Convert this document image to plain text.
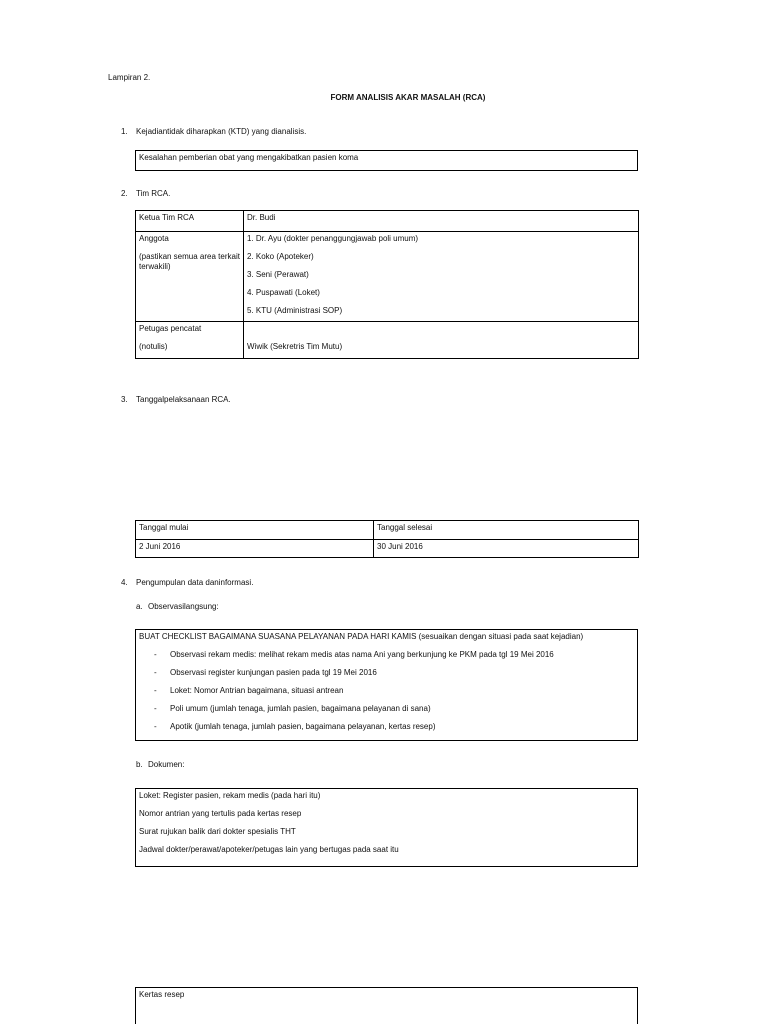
Lampiran 2.
FORM ANALISIS AKAR MASALAH (RCA)
1. Kejadiantidak diharapkan (KTD) yang dianalisis.
Kesalahan pemberian obat yang mengakibatkan pasien koma
2. Tim RCA.
Ketua Tim RCA	Dr. Budi

Anggota
(pastikan semua area terkait terwakili)	1. Dr. Ayu (dokter penanggungjawab poli umum)
2. Koko (Apoteker)
3. Seni (Perawat)
4. Puspawati (Loket)
5. KTU (Administrasi SOP)

Petugas pencatat
(notulis)	Wiwik (Sekretris Tim Mutu)
3. Tanggalpelaksanaan RCA.
Tanggal mulai	Tanggal selesai
2 Juni 2016	30 Juni 2016
4. Pengumpulan data daninformasi.
a. Observasilangsung:
BUAT CHECKLIST BAGAIMANA SUASANA PELAYANAN PADA HARI KAMIS (sesuaikan dengan situasi pada saat kejadian)
- Observasi rekam medis: melihat rekam medis atas nama Ani yang berkunjung ke PKM pada tgl 19 Mei 2016
- Observasi register kunjungan pasien pada tgl 19 Mei 2016
- Loket: Nomor Antrian bagaimana, situasi antrean
- Poli umum (jumlah tenaga, jumlah pasien, bagaimana pelayanan di sana)
- Apotik (jumlah tenaga, jumlah pasien, bagaimana pelayanan, kertas resep)
b. Dokumen:
Loket: Register pasien, rekam medis (pada hari itu)
Nomor antrian yang tertulis pada kertas resep
Surat rujukan balik dari dokter spesialis THT
Jadwal dokter/perawat/apoteker/petugas lain yang bertugas pada saat itu
Kertas resep
